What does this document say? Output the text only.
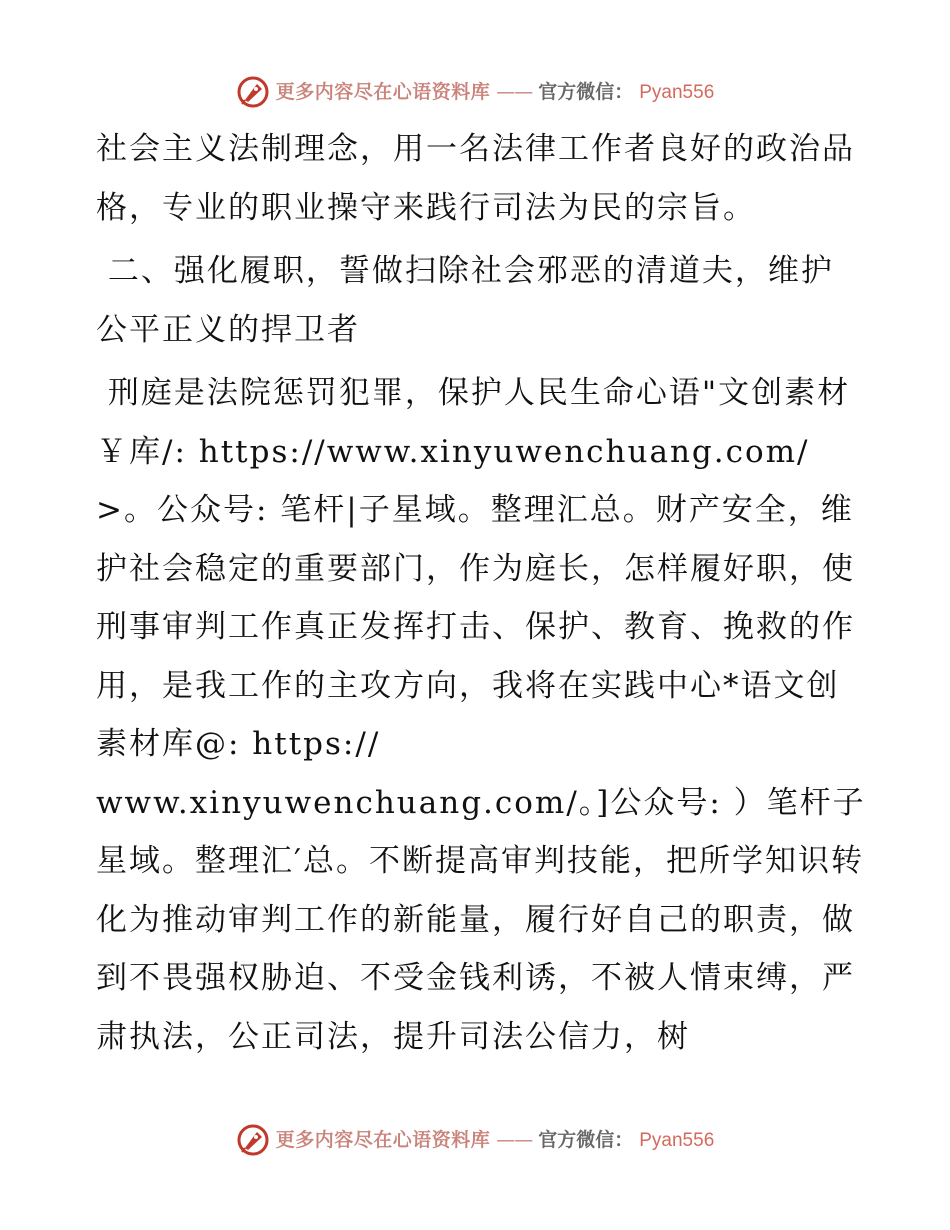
更多内容尽在心语资料库 —— 官方微信： Pyan556

社会主义法制理念，用一名法律工作者良好的政治品格，专业的职业操守来践行司法为民的宗旨。

二、强化履职，誓做扫除社会邪恶的清道夫，维护公平正义的捍卫者

刑庭是法院惩罚犯罪，保护人民生命心语"文创素材￥库/: https://www.xinyuwenchuang.com/>。公众号: 笔杆|子星域。整理汇总。财产安全，维护社会稳定的重要部门，作为庭长，怎样履好职，使刑事审判工作真正发挥打击、保护、教育、挽救的作用，是我工作的主攻方向，我将在实践中心*语文创素材库@: https://
www.xinyuwenchuang.com/。]公众号: ）笔杆子星域。整理汇′总。不断提高审判技能，把所学知识转化为推动审判工作的新能量，履行好自己的职责，做到不畏强权胁迫、不受金钱利诱，不被人情束缚，严肃执法，公正司法，提升司法公信力，树

更多内容尽在心语资料库 —— 官方微信： Pyan556
